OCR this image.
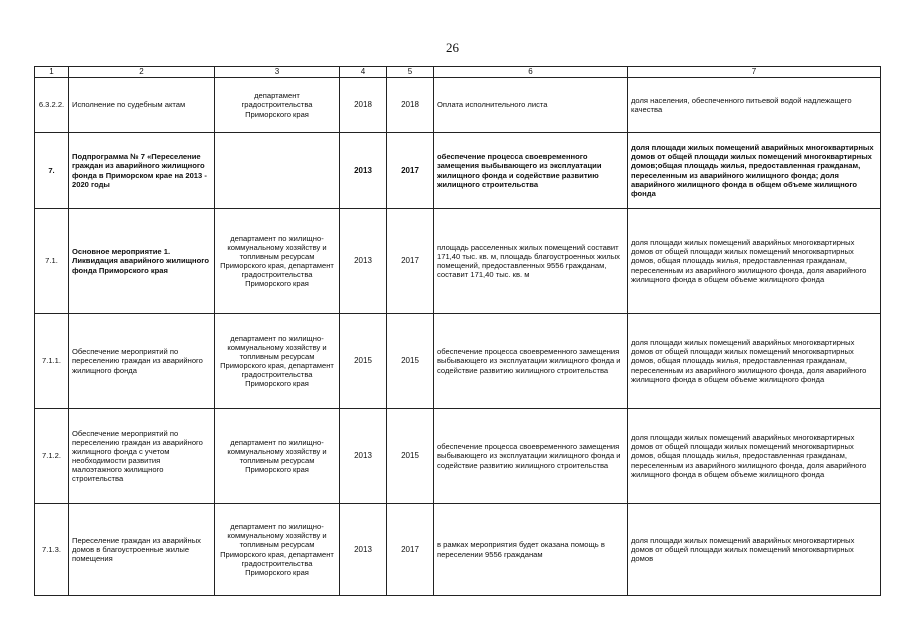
26
1	2	3	4	5	6	7
6.3.2.2.	Исполнение по судебным актам	департамент градостроительства Приморского края	2018	2018	Оплата исполнительного листа	доля населения, обеспеченного питьевой водой надлежащего качества
7.	Подпрограмма № 7 «Переселение граждан из аварийного жилищного фонда в Приморском крае на 2013 - 2020 годы		2013	2017	обеспечение процесса своевременного замещения выбывающего из эксплуатации жилищного фонда и содействие развитию жилищного строительства	доля площади жилых помещений аварийных многоквартирных домов от общей площади жилых помещений многоквартирных домов;общая площадь жилья, предоставленная гражданам, переселенным из аварийного жилищного фонда; доля аварийного жилищного фонда в общем объеме жилищного фонда
7.1.	Основное мероприятие 1. Ликвидация аварийного жилищного фонда Приморского края	департамент по жилищно-коммунальному хозяйству и топливным ресурсам Приморского края, департамент градостроительства Приморского края	2013	2017	площадь расселенных жилых помещений составит 171,40 тыс. кв. м, площадь благоустроенных жилых помещений, предоставленных 9556 гражданам, составит 171,40 тыс. кв. м	доля площади жилых помещений аварийных многоквартирных домов от общей площади жилых помещений многоквартирных домов, общая площадь жилья, предоставленная гражданам, переселенным из аварийного жилищного фонда, доля аварийного жилищного фонда в общем объеме жилищного фонда
7.1.1.	Обеспечение мероприятий по переселению граждан из аварийного жилищного фонда	департамент по жилищно-коммунальному хозяйству и топливным ресурсам Приморского края, департамент градостроительства Приморского края	2015	2015	обеспечение процесса своевременного замещения выбывающего из эксплуатации жилищного фонда и содействие развитию жилищного строительства	доля площади жилых помещений аварийных многоквартирных домов от общей площади жилых помещений многоквартирных домов, общая площадь жилья, предоставленная гражданам, переселенным из аварийного жилищного фонда, доля аварийного жилищного фонда в общем объеме жилищного фонда
7.1.2.	Обеспечение мероприятий по переселению граждан из аварийного жилищного фонда с учетом необходимости развития малоэтажного жилищного строительства	департамент по жилищно-коммунальному хозяйству и топливным ресурсам Приморского края	2013	2015	обеспечение процесса своевременного замещения выбывающего из эксплуатации жилищного фонда и содействие развитию жилищного строительства	доля площади жилых помещений аварийных многоквартирных домов от общей площади жилых помещений многоквартирных домов, общая площадь жилья, предоставленная гражданам, переселенным из аварийного жилищного фонда, доля аварийного жилищного фонда в общем объеме жилищного фонда
7.1.3.	Переселение граждан из аварийных домов в благоустроенные жилые помещения	департамент по жилищно-коммунальному хозяйству и топливным ресурсам Приморского края, департамент градостроительства Приморского края	2013	2017	в рамках мероприятия будет оказана помощь в переселении 9556 гражданам	доля площади жилых помещений аварийных многоквартирных домов от общей площади жилых помещений многоквартирных домов
